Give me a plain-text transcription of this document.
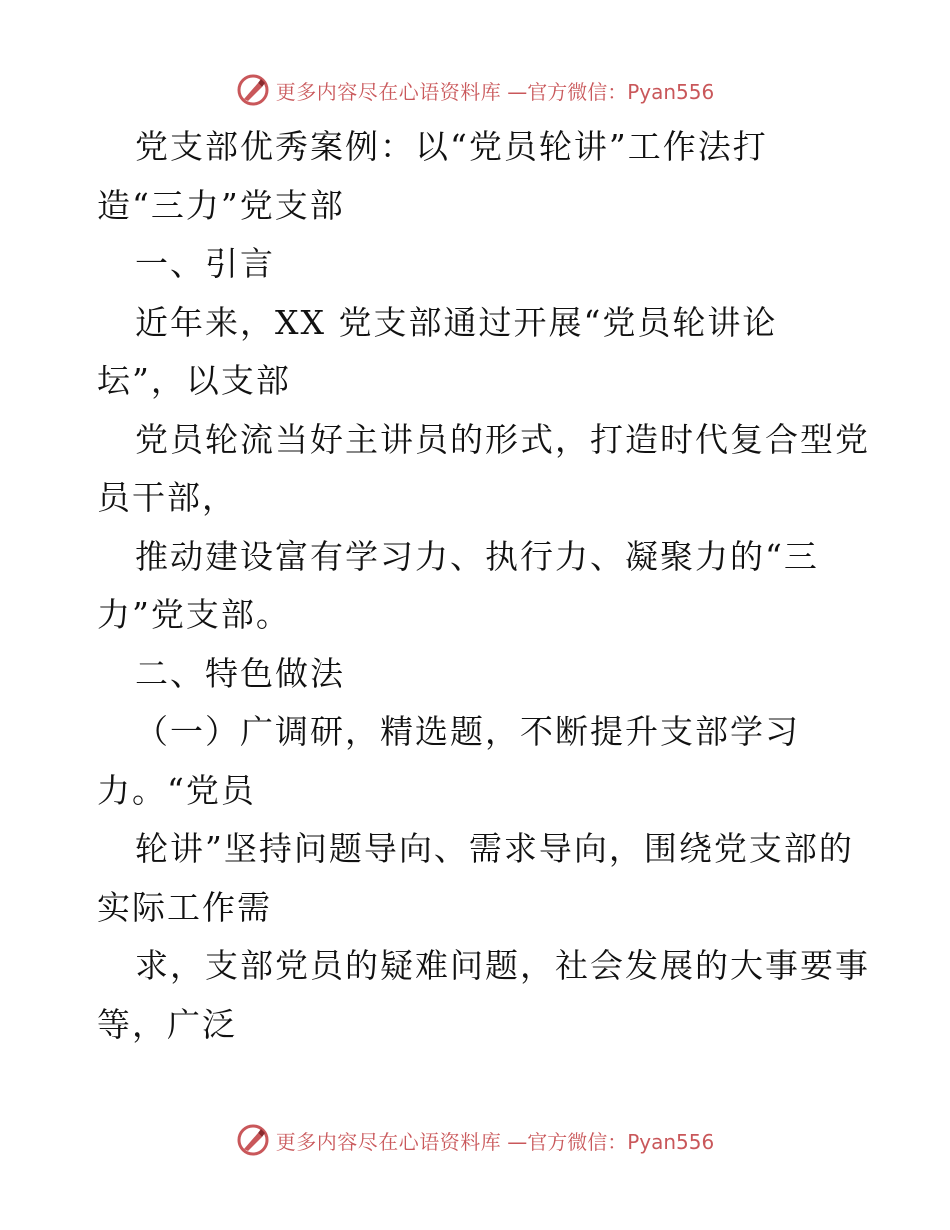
更多内容尽在心语资料库 —官方微信：Pyan556
党支部优秀案例：以“党员轮讲”工作法打
造“三力”党支部
一、引言
近年来，XX 党支部通过开展“党员轮讲论
坛”，以支部
党员轮流当好主讲员的形式，打造时代复合型党
员干部，
推动建设富有学习力、执行力、凝聚力的“三
力”党支部。
二、特色做法
（一）广调研，精选题，不断提升支部学习
力。“党员
轮讲”坚持问题导向、需求导向，围绕党支部的
实际工作需
求，支部党员的疑难问题，社会发展的大事要事
等，广泛
更多内容尽在心语资料库 —官方微信：Pyan556
